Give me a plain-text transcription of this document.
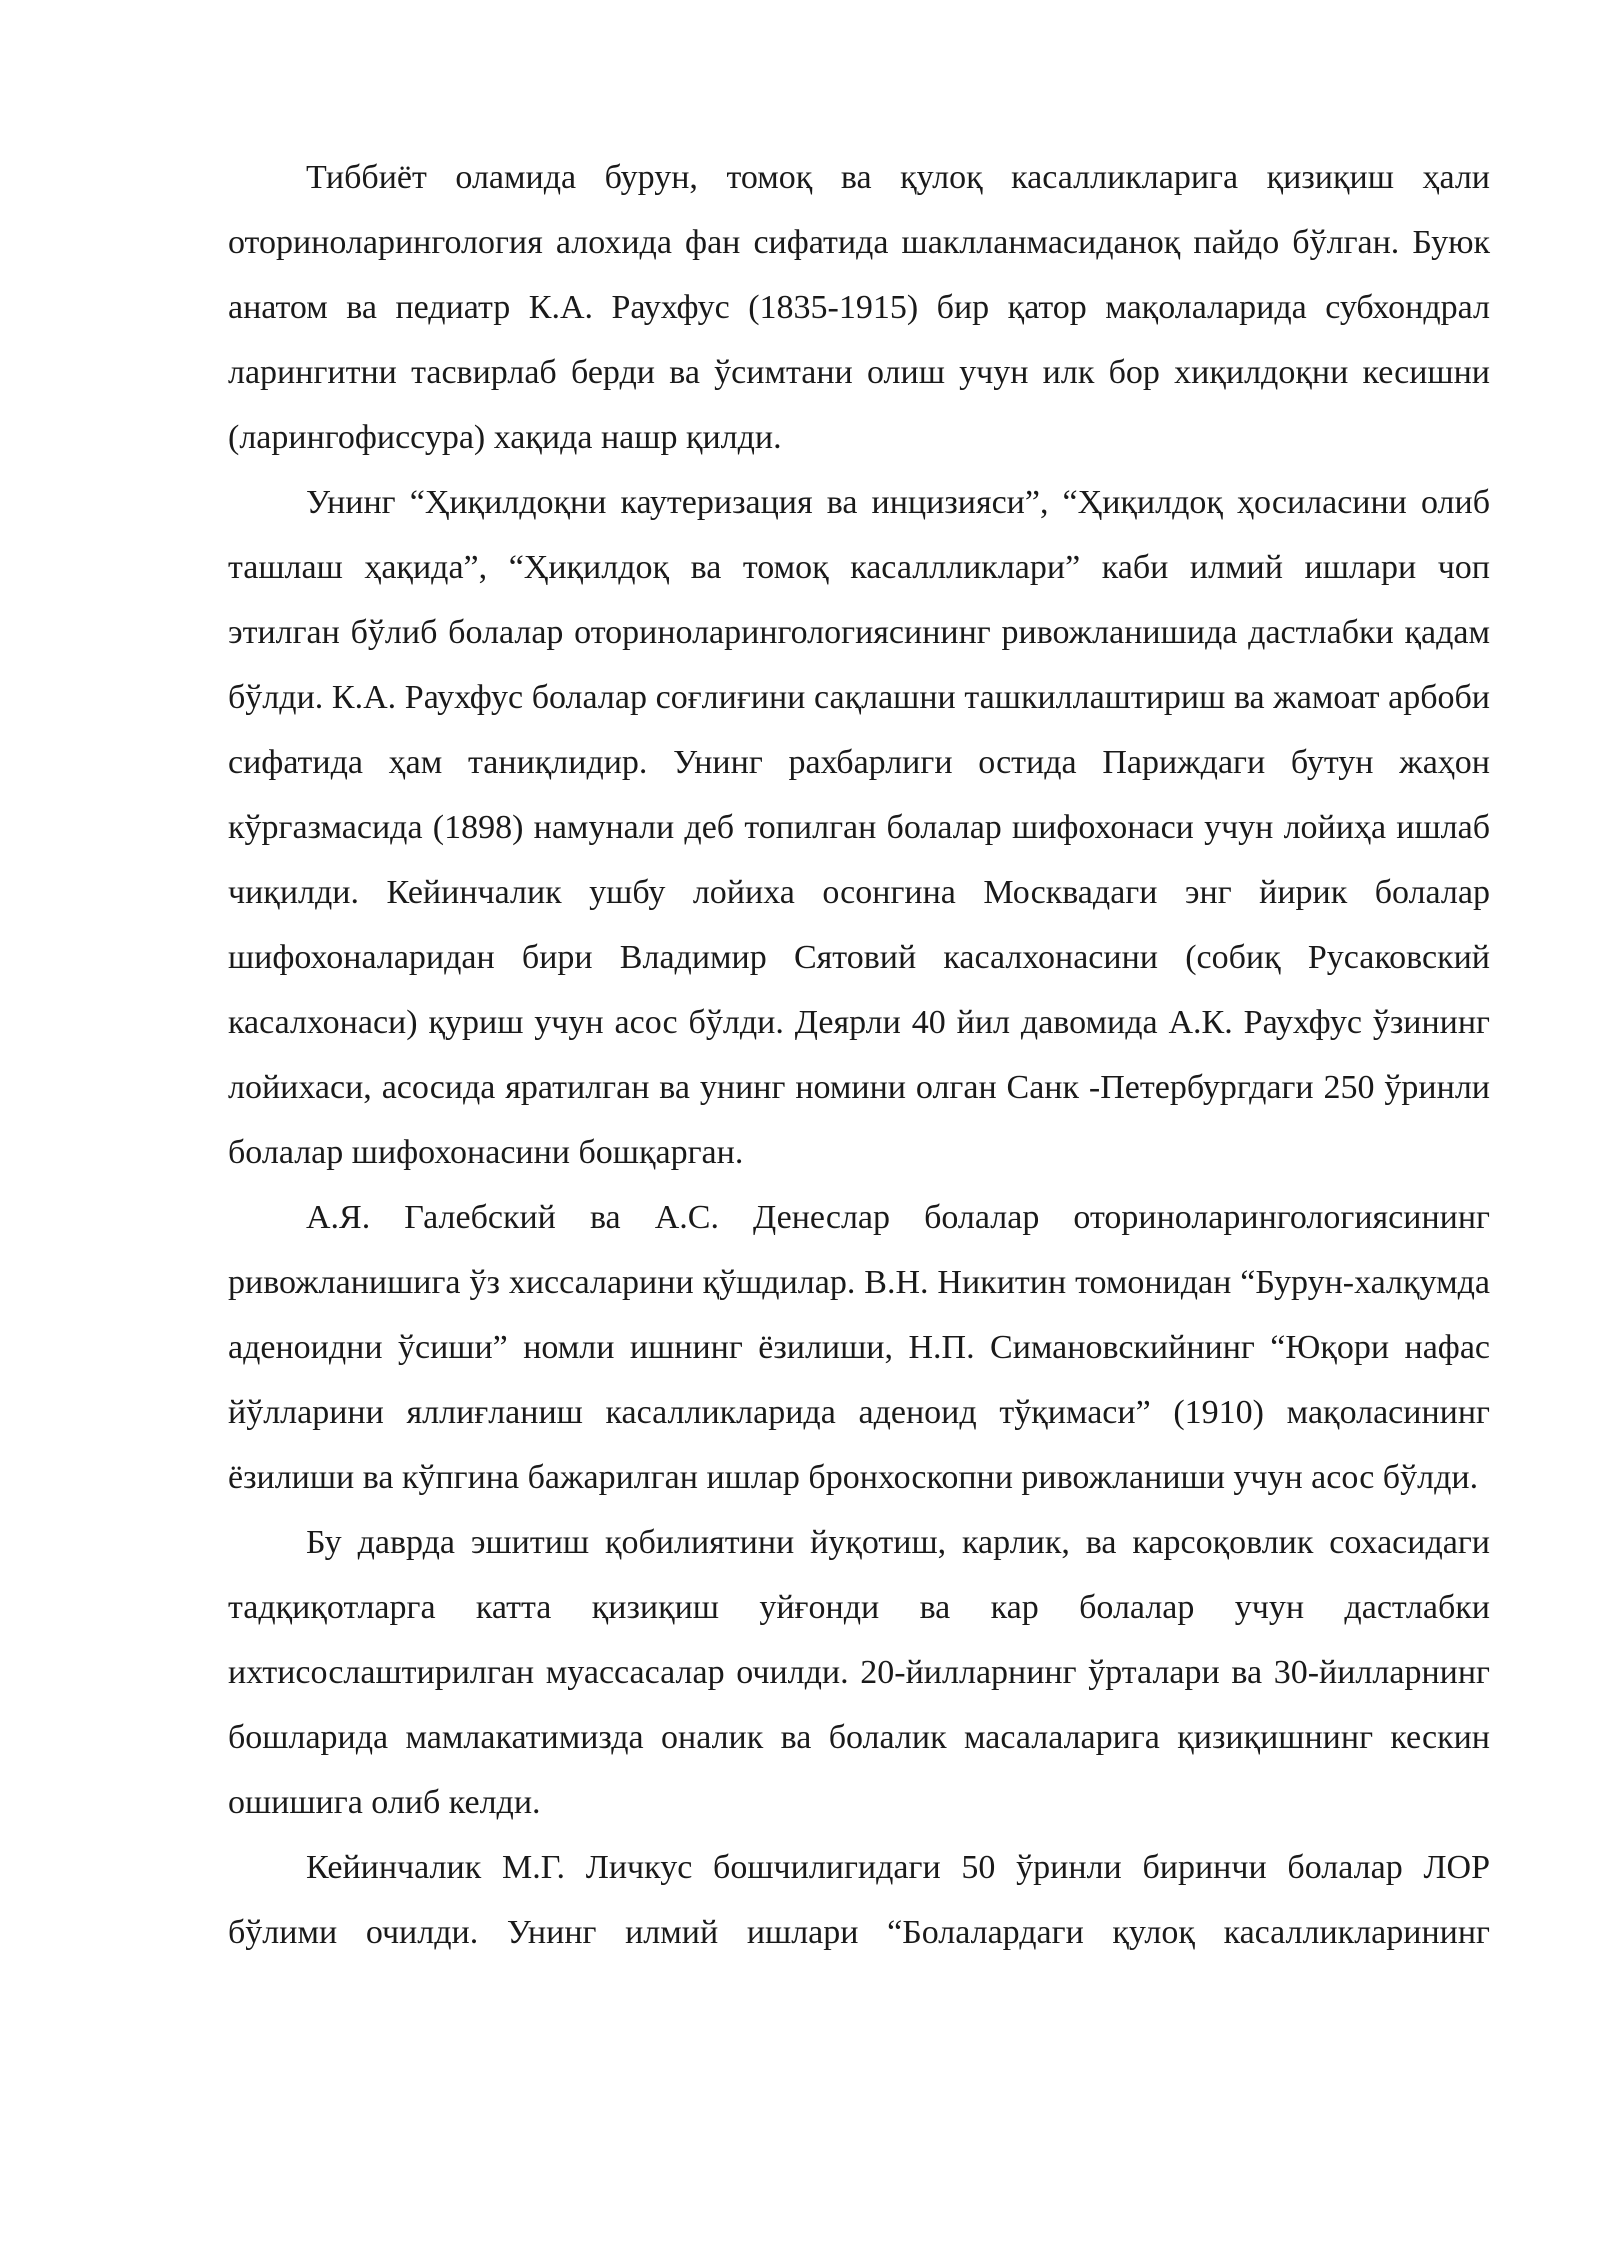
Тиббиёт оламида бурун, томоқ ва қулоқ касалликларига қизиқиш ҳали оториноларингология алохида фан сифатида шаклланмасиданоқ пайдо бўлган. Буюк анатом ва педиатр К.А. Раухфус (1835-1915) бир қатор мақолаларида субхондрал ларингитни тасвирлаб берди ва ўсимтани олиш учун илк бор хиқилдоқни кесишни (ларингофиссура) хақида нашр қилди.

Унинг “Ҳиқилдоқни каутеризация ва инцизияси”, “Ҳиқилдоқ ҳосиласини олиб ташлаш ҳақида”, “Ҳиқилдоқ ва томоқ касаллликлари” каби илмий ишлари чоп этилган бўлиб болалар оториноларингологиясининг ривожланишида дастлабки қадам бўлди. К.А. Раухфус болалар соғлиғини сақлашни ташкиллаштириш ва жамоат арбоби сифатида ҳам таниқлидир. Унинг рахбарлиги остида Париждаги бутун жаҳон кўргазмасида (1898) намунали деб топилган болалар шифохонаси учун лойиҳа ишлаб чиқилди. Кейинчалик ушбу лойиха осонгина Москвадаги энг йирик болалар шифохоналаридан бири Владимир Сятовий касалхонасини (собиқ Русаковский касалхонаси) қуриш учун асос бўлди. Деярли 40 йил давомида А.К. Раухфус ўзининг лойихаси, асосида яратилган ва унинг номини олган Санк -Петербургдаги 250 ўринли болалар шифохонасини бошқарган.

А.Я. Галебский ва А.С. Денеслар болалар оториноларингологиясининг ривожланишига ўз хиссаларини қўшдилар. В.Н. Никитин томонидан “Бурун-халқумда аденоидни ўсиши” номли ишнинг ёзилиши, Н.П. Симановскийнинг “Юқори нафас йўлларини яллиғланиш касалликларида аденоид тўқимаси” (1910) мақоласининг ёзилиши ва кўпгина бажарилган ишлар бронхоскопни ривожланиши учун асос бўлди.

Бу даврда эшитиш қобилиятини йуқотиш, карлик, ва карсоқовлик сохасидаги тадқиқотларга катта қизиқиш уйғонди ва кар болалар учун дастлабки ихтисослаштирилган муассасалар очилди. 20-йилларнинг ўрталари ва 30-йилларнинг бошларида мамлакатимизда оналик ва болалик масалаларига қизиқишнинг кескин ошишига олиб келди.

Кейинчалик М.Г. Личкус бошчилигидаги 50 ўринли биринчи болалар ЛОР бўлими очилди. Унинг илмий ишлари “Болалардаги қулоқ касалликларининг
